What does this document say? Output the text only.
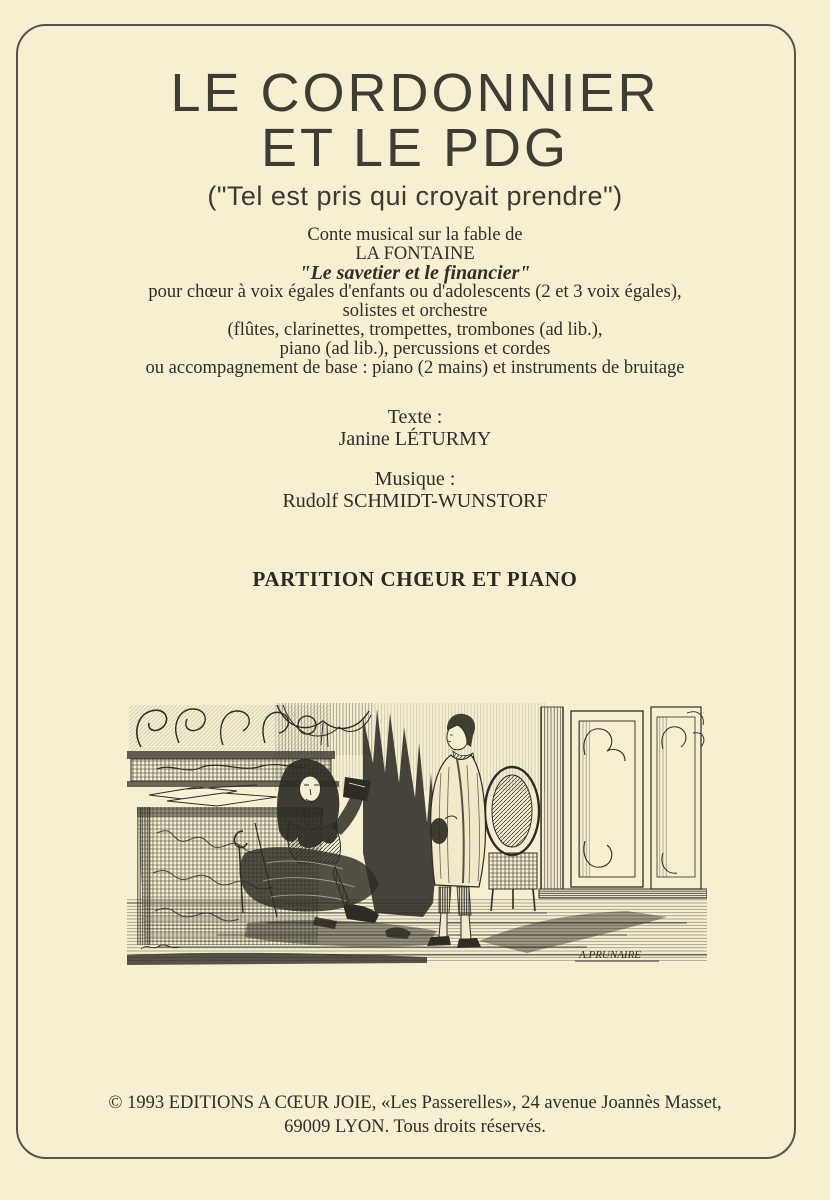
LE CORDONNIER
ET LE PDG
("Tel est pris qui croyait prendre")
Conte musical sur la fable de
LA FONTAINE
"Le savetier et le financier"
pour chœur à voix égales d'enfants ou d'adolescents (2 et 3 voix égales),
solistes et orchestre
(flûtes, clarinettes, trompettes, trombones (ad lib.),
piano (ad lib.), percussions et cordes
ou accompagnement de base : piano (2 mains) et instruments de bruitage
Texte :
Janine LÉTURMY
Musique :
Rudolf SCHMIDT-WUNSTORF
PARTITION CHŒUR ET PIANO
A.PRUNAIRE
© 1993 EDITIONS A CŒUR JOIE, «Les Passerelles», 24 avenue Joannès Masset,
69009 LYON. Tous droits réservés.
